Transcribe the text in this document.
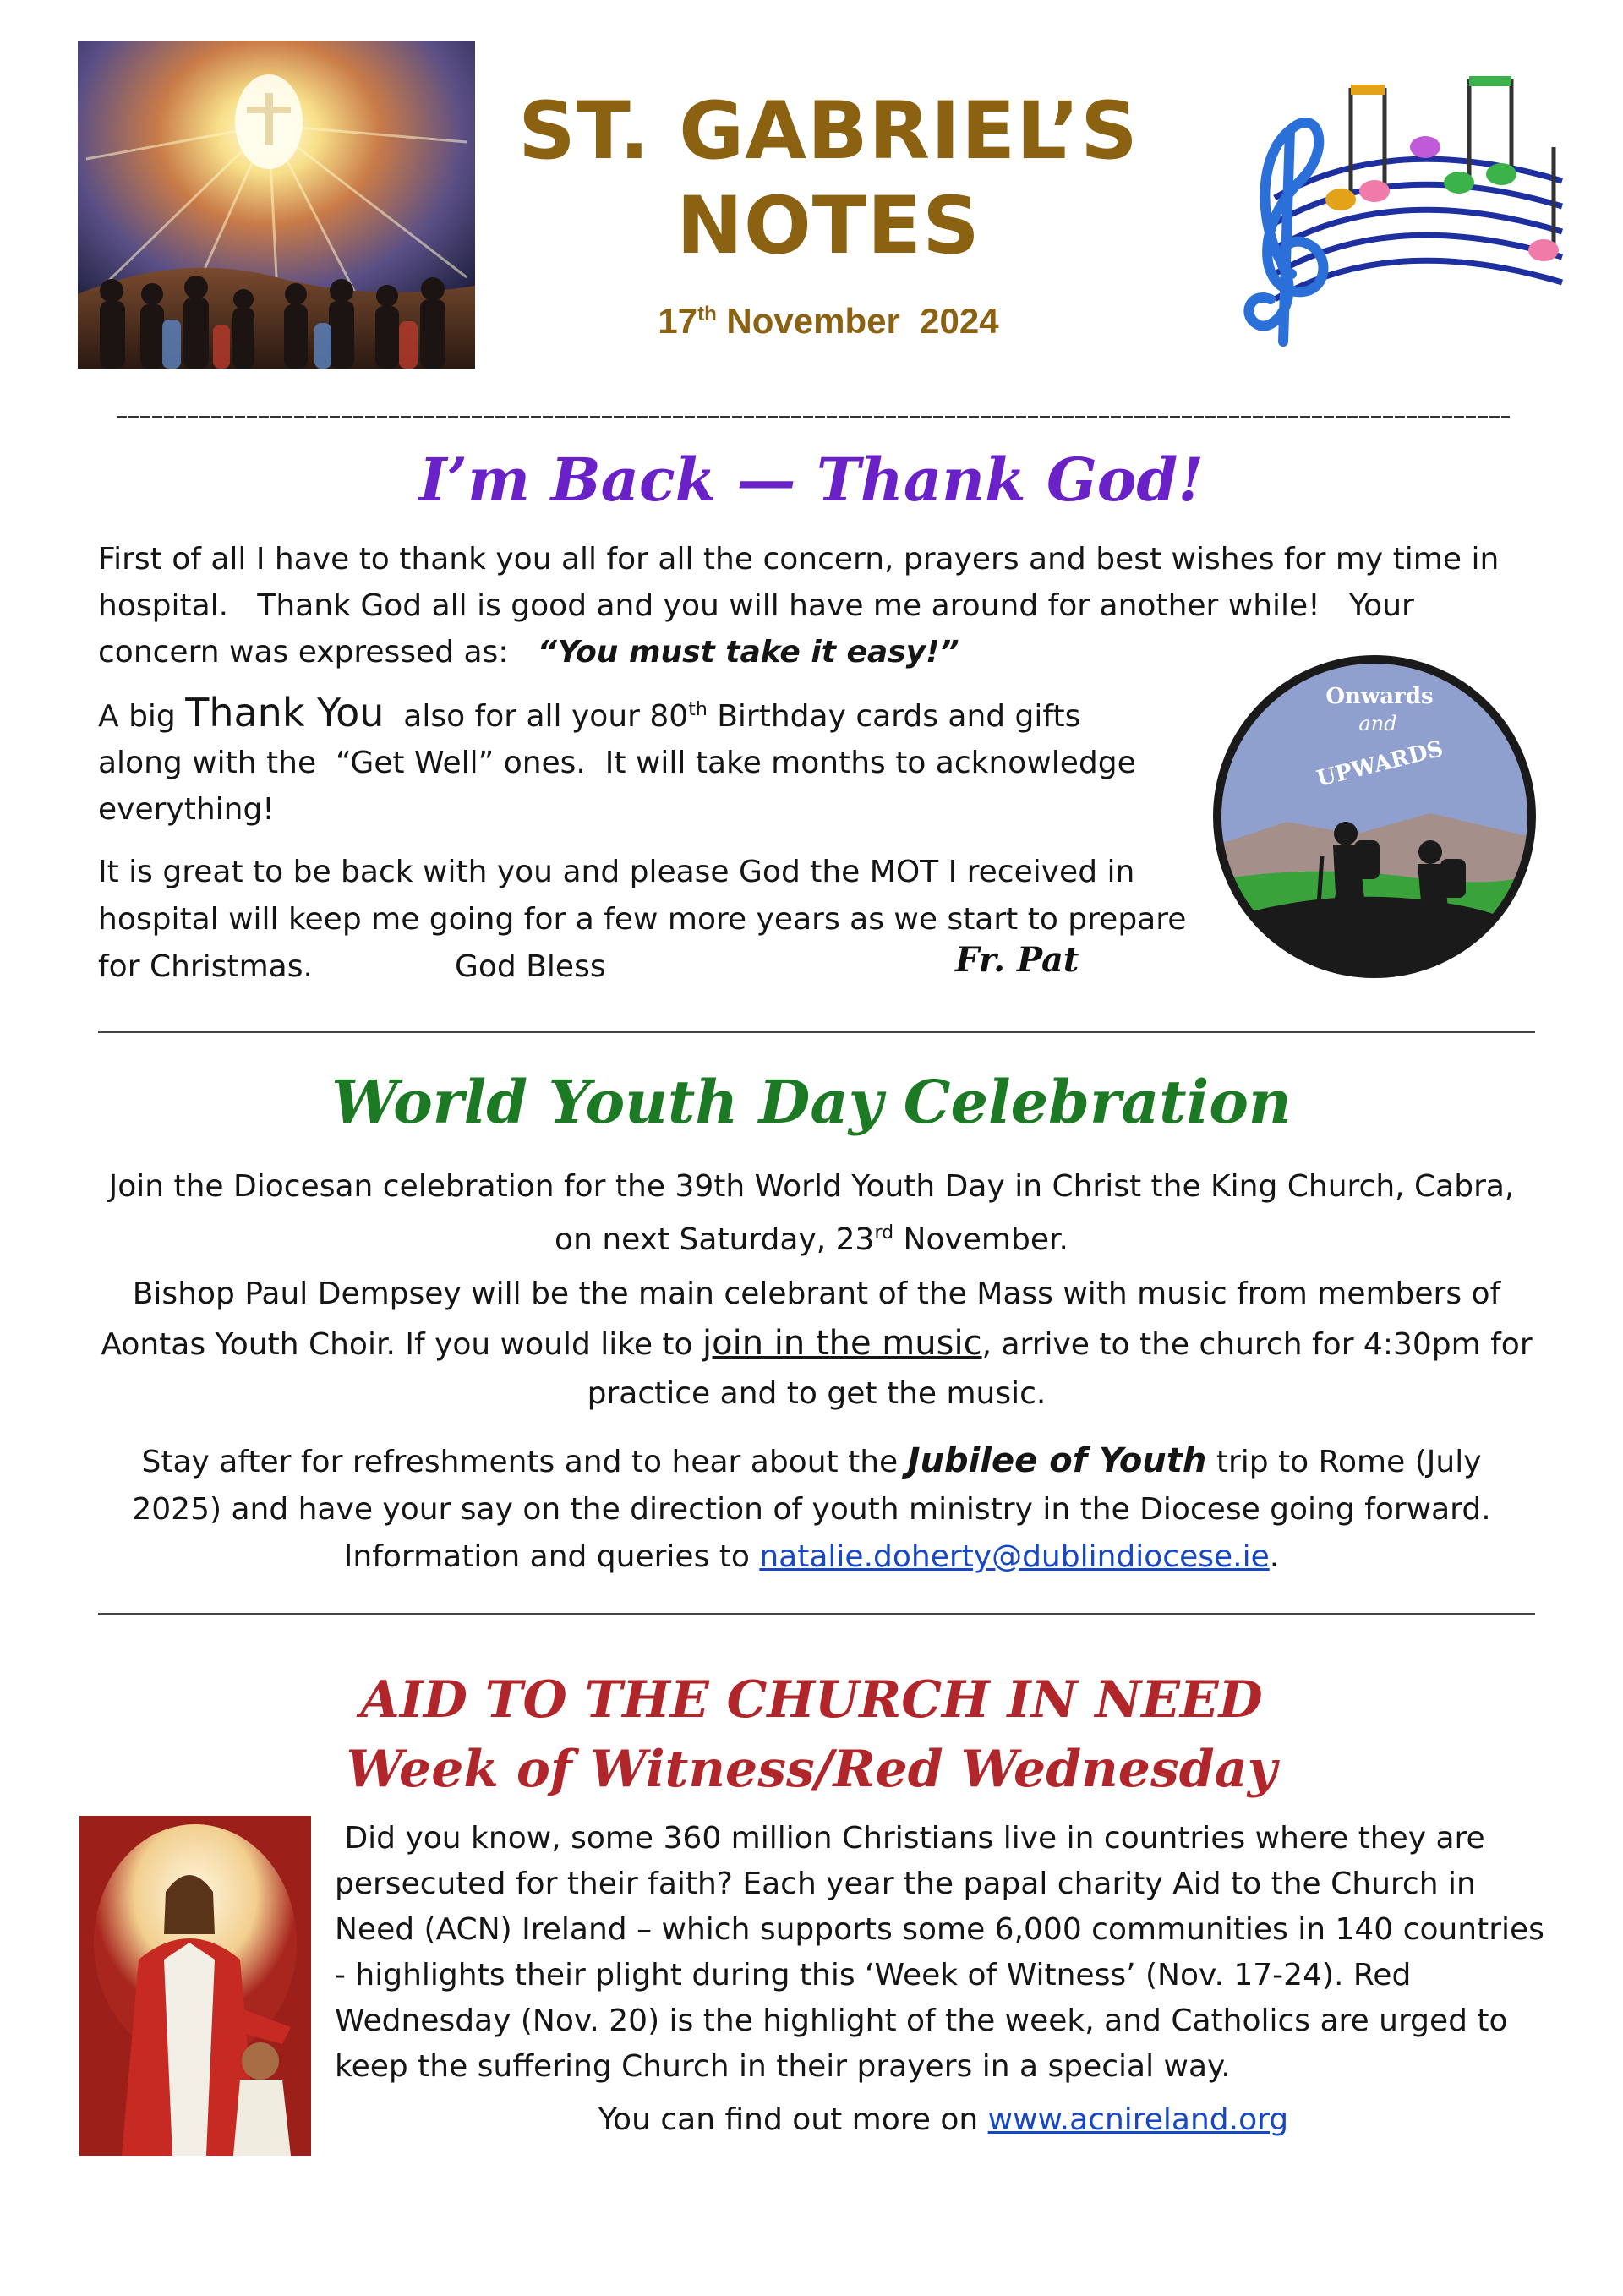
ST. GABRIEL’S
NOTES
17th November  2024
I’m Back — Thank God!
First of all I have to thank you all for all the concern, prayers and best wishes for my time in hospital.   Thank God all is good and you will have me around for another while!   Your concern was expressed as:   “You must take it easy!”
A big Thank You  also for all your 80th Birthday cards and gifts along with the  “Get Well” ones.  It will take months to acknowledge everything!
It is great to be back with you and please God the MOT I received in hospital will keep me going for a few more years as we start to prepare for Christmas.	God Bless	Fr. Pat
Onwards
and
UPWARDS
World Youth Day Celebration
Join the Diocesan celebration for the 39th World Youth Day in Christ the King Church, Cabra, on next Saturday, 23rd November.
Bishop Paul Dempsey will be the main celebrant of the Mass with music from members of Aontas Youth Choir. If you would like to join in the music, arrive to the church for 4:30pm for practice and to get the music.
Stay after for refreshments and to hear about the Jubilee of Youth trip to Rome (July 2025) and have your say on the direction of youth ministry in the Diocese going forward.   Information and queries to natalie.doherty@dublindiocese.ie.
AID TO THE CHURCH IN NEED
Week of Witness/Red Wednesday
Did you know, some 360 million Christians live in countries where they are persecuted for their faith? Each year the papal charity Aid to the Church in Need (ACN) Ireland – which supports some 6,000 communities in 140 countries - highlights their plight during this ‘Week of Witness’ (Nov. 17-24). Red Wednesday (Nov. 20) is the highlight of the week, and Catholics are urged to keep the suffering Church in their prayers in a special way.
You can find out more on www.acnireland.org
